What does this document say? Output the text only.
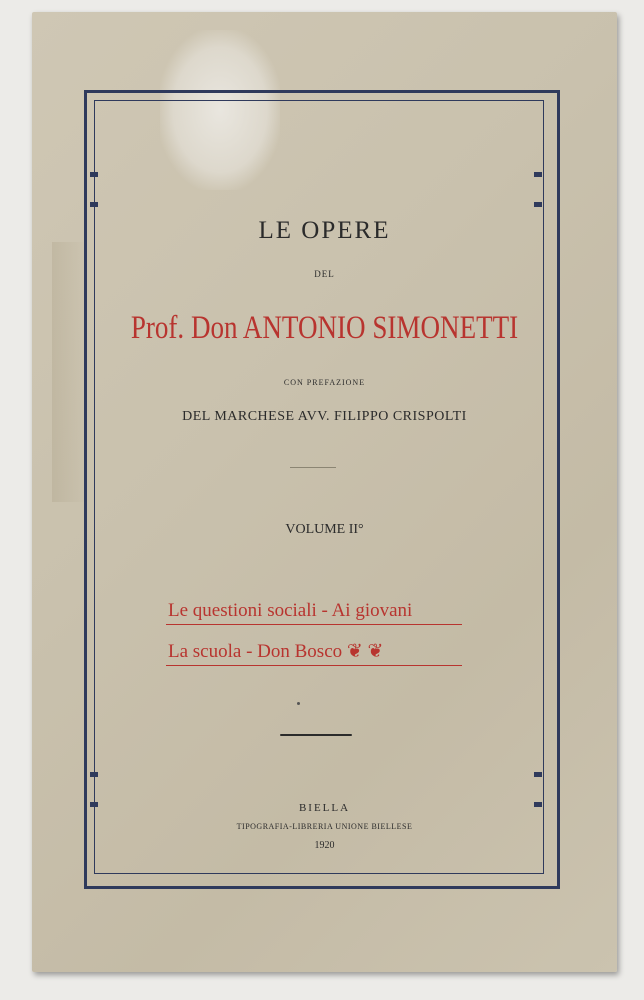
LE OPERE
DEL
Prof. Don ANTONIO SIMONETTI
CON PREFAZIONE
DEL MARCHESE AVV. FILIPPO CRISPOLTI
VOLUME II°
Le questioni sociali - Ai giovani
La scuola - Don Bosco ❦ ❦
BIELLA
TIPOGRAFIA-LIBRERIA UNIONE BIELLESE
1920
